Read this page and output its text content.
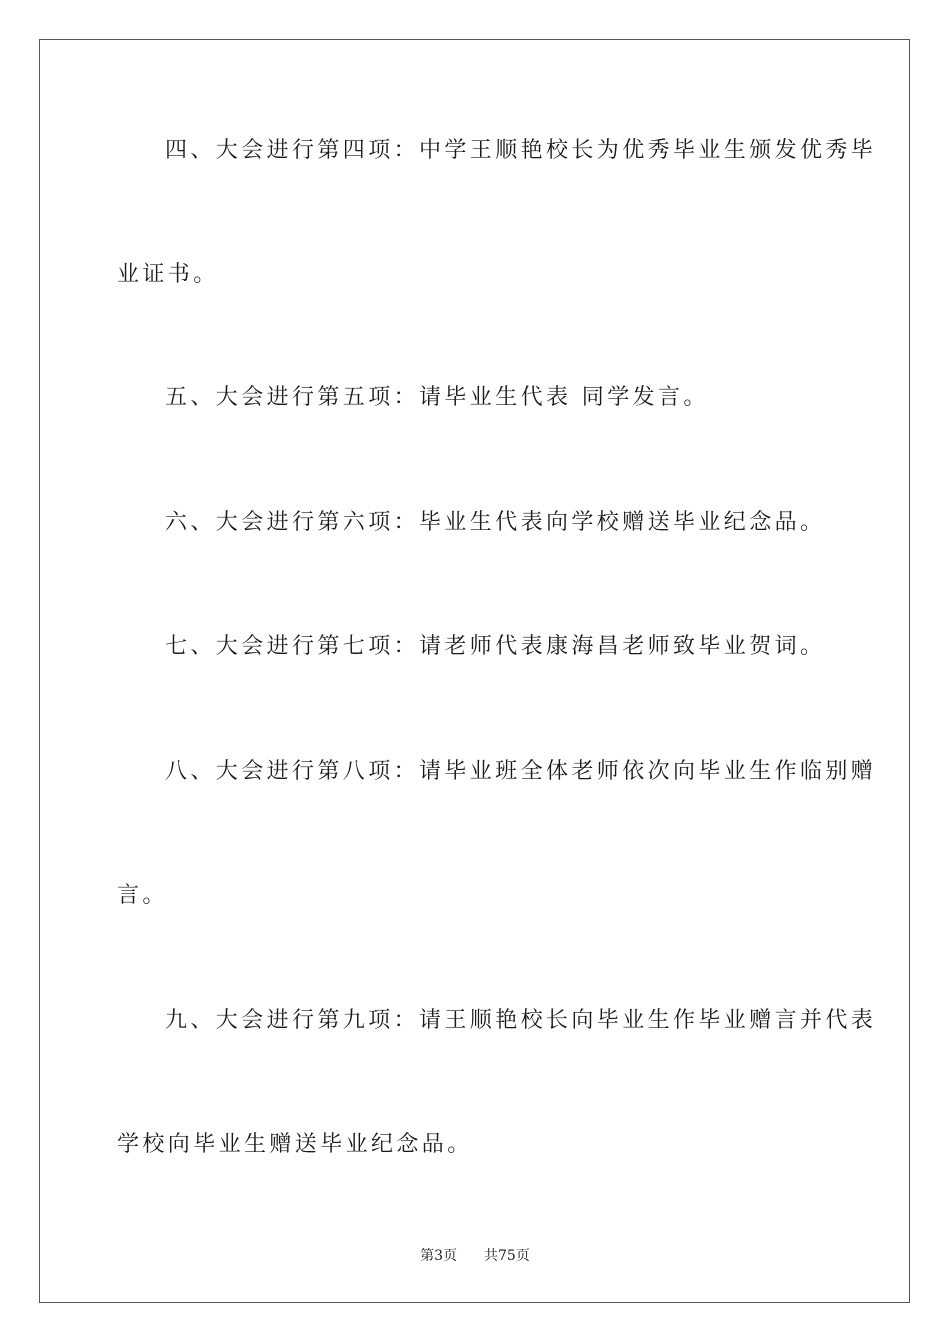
四、大会进行第四项：中学王顺艳校长为优秀毕业生颁发优秀毕
业证书。
五、大会进行第五项：请毕业生代表 同学发言。
六、大会进行第六项：毕业生代表向学校赠送毕业纪念品。
七、大会进行第七项：请老师代表康海昌老师致毕业贺词。
八、大会进行第八项：请毕业班全体老师依次向毕业生作临别赠
言。
九、大会进行第九项：请王顺艳校长向毕业生作毕业赠言并代表
学校向毕业生赠送毕业纪念品。
第3页 共75页
